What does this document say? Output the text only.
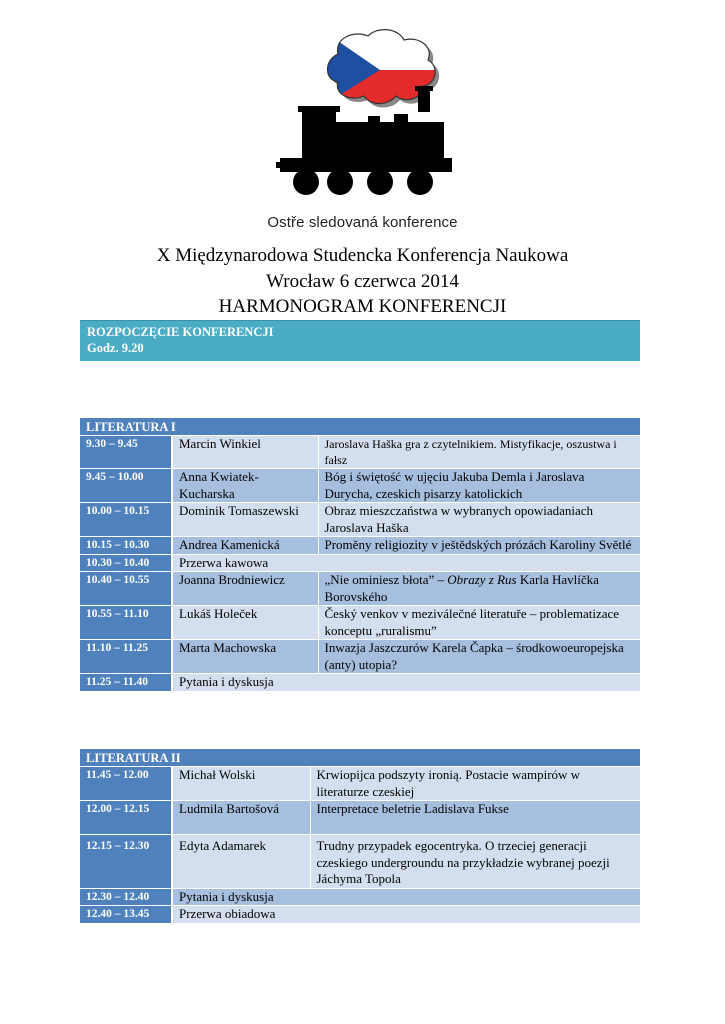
Ostře sledovaná konference
X Międzynarodowa Studencka Konferencja Naukowa
Wrocław 6 czerwca 2014
HARMONOGRAM KONFERENCJI
ROZPOCZĘCIE KONFERENCJI
Godz. 9.20
LITERATURA I		
9.30 – 9.45	Marcin Winkiel	Jaroslava Haška gra z czytelnikiem. Mistyfikacje, oszustwa i fałsz
9.45 – 10.00	Anna Kwiatek-Kucharska	Bóg i świętość w ujęciu Jakuba Demla i Jaroslava Durycha, czeskich pisarzy katolickich
10.00 – 10.15	Dominik Tomaszewski	Obraz mieszczaństwa w wybranych opowiadaniach Jaroslava Haška
10.15 – 10.30	Andrea Kamenická	Proměny religiozity v ještědských prózách Karoliny Světlé
10.30 – 10.40	Przerwa kawowa	
10.40 – 10.55	Joanna Brodniewicz	„Nie ominiesz błota” – Obrazy z Rus Karla Havlíčka Borovského
10.55 – 11.10	Lukáš Holeček	Český venkov v meziválečné literatuře – problematizace konceptu „ruralismu”
11.10 – 11.25	Marta Machowska	Inwazja Jaszczurów Karela Čapka – środkowoeuropejska (anty) utopia?
11.25 – 11.40	Pytania i dyskusja	
LITERATURA II		
11.45 – 12.00	Michał Wolski	Krwiopijca podszyty ironią. Postacie wampirów w literaturze czeskiej
12.00 – 12.15	Ludmila Bartošová	Interpretace beletrie Ladislava Fukse
12.15 – 12.30	Edyta Adamarek	Trudny przypadek egocentryka. O trzeciej generacji czeskiego undergroundu na przykładzie wybranej poezji Jáchyma Topola
12.30 – 12.40	Pytania i dyskusja	
12.40 – 13.45	Przerwa obiadowa	
